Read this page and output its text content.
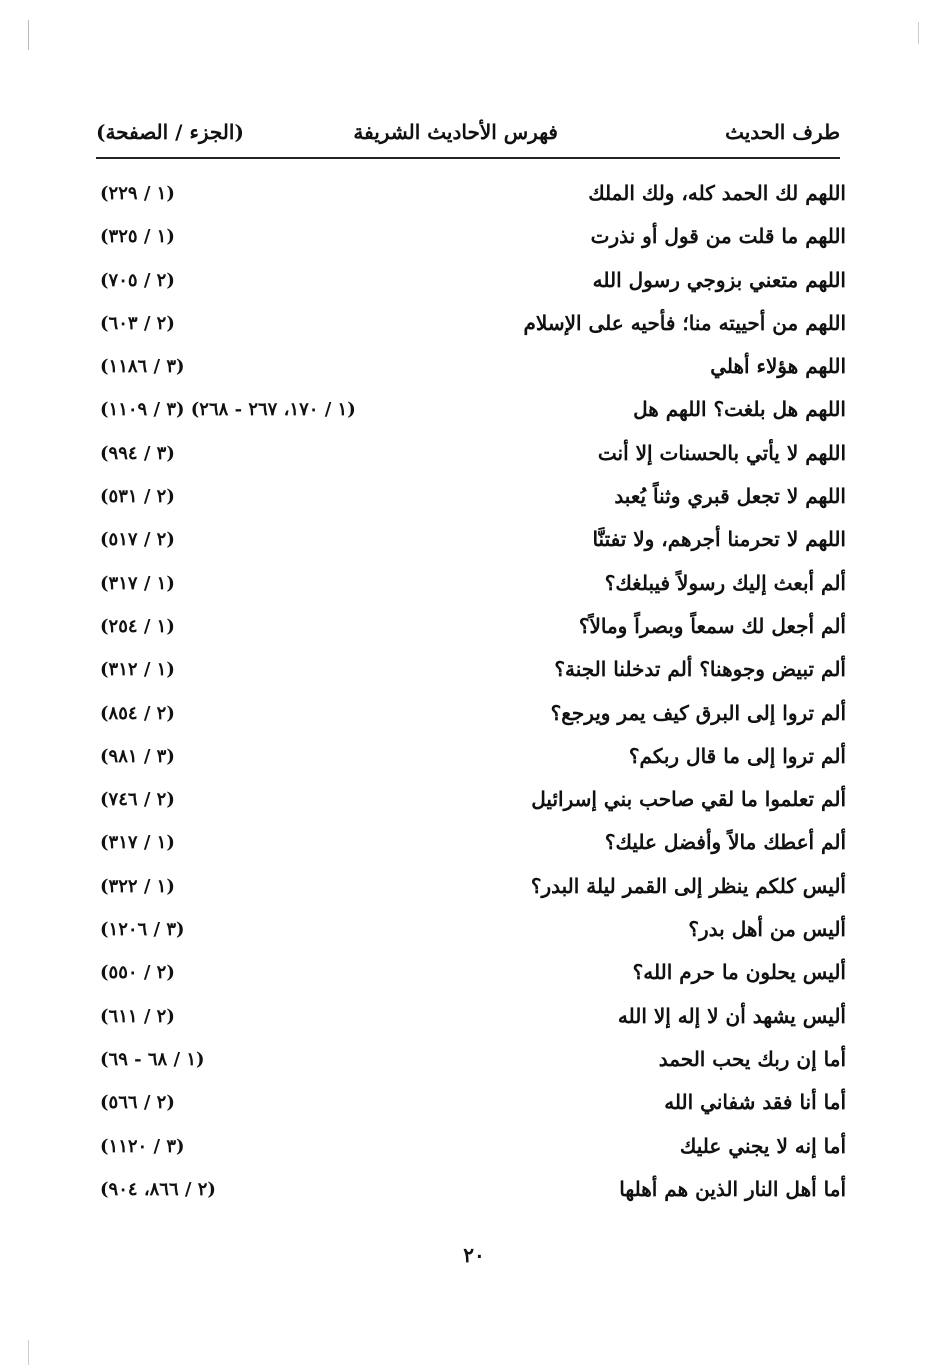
طرف الحديث
فهرس الأحاديث الشريفة
(الجزء / الصفحة)
اللهم لك الحمد كله، ولك الملك
(١ / ٢٢٩)
اللهم ما قلت من قول أو نذرت
(١ / ٣٢٥)
اللهم متعني بزوجي رسول الله
(٢ / ٧٠٥)
اللهم من أحييته منا؛ فأحيه على الإسلام
(٢ / ٦٠٣)
اللهم هؤلاء أهلي
(٣ / ١١٨٦)
اللهم هل بلغت؟ اللهم هل
(١ / ١٧٠، ٢٦٧ - ٢٦٨) (٣ / ١١٠٩)
اللهم لا يأتي بالحسنات إلا أنت
(٣ / ٩٩٤)
اللهم لا تجعل قبري وثناً يُعبد
(٢ / ٥٣١)
اللهم لا تحرمنا أجرهم، ولا تفتنَّا
(٢ / ٥١٧)
ألم أبعث إليك رسولاً فيبلغك؟
(١ / ٣١٧)
ألم أجعل لك سمعاً وبصراً ومالاً؟
(١ / ٢٥٤)
ألم تبيض وجوهنا؟ ألم تدخلنا الجنة؟
(١ / ٣١٢)
ألم تروا إلى البرق كيف يمر ويرجع؟
(٢ / ٨٥٤)
ألم تروا إلى ما قال ربكم؟
(٣ / ٩٨١)
ألم تعلموا ما لقي صاحب بني إسرائيل
(٢ / ٧٤٦)
ألم أعطك مالاً وأفضل عليك؟
(١ / ٣١٧)
أليس كلكم ينظر إلى القمر ليلة البدر؟
(١ / ٣٢٢)
أليس من أهل بدر؟
(٣ / ١٢٠٦)
أليس يحلون ما حرم الله؟
(٢ / ٥٥٠)
أليس يشهد أن لا إله إلا الله
(٢ / ٦١١)
أما إن ربك يحب الحمد
(١ / ٦٨ - ٦٩)
أما أنا فقد شفاني الله
(٢ / ٥٦٦)
أما إنه لا يجني عليك
(٣ / ١١٢٠)
أما أهل النار الذين هم أهلها
(٢ / ٨٦٦، ٩٠٤)
٢٠
